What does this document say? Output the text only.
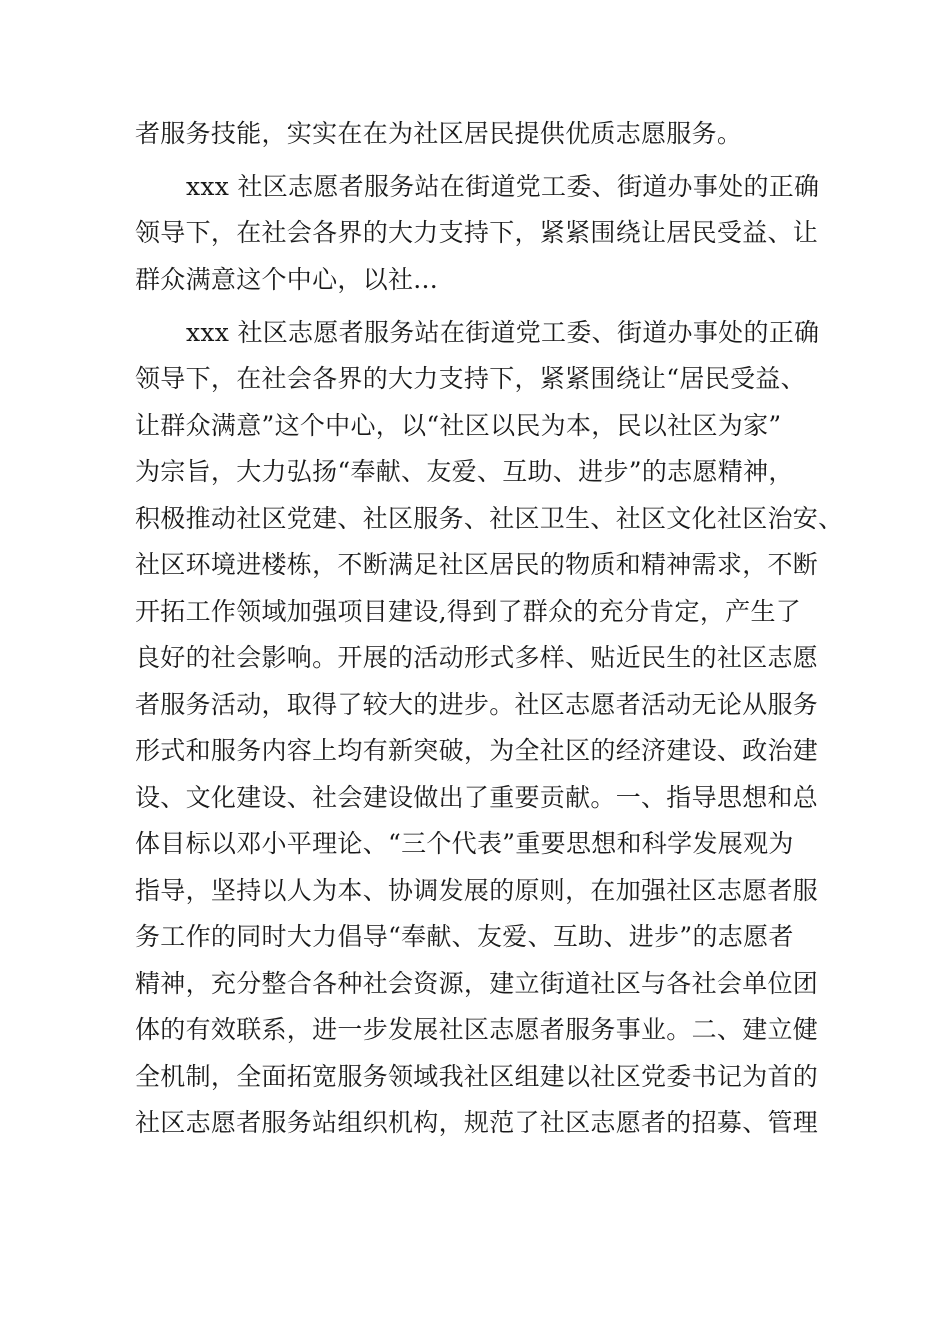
者服务技能，实实在在为社区居民提供优质志愿服务。

xxx 社区志愿者服务站在街道党工委、街道办事处的正确

领导下，在社会各界的大力支持下，紧紧围绕让居民受益、让

群众满意这个中心，以社...

xxx 社区志愿者服务站在街道党工委、街道办事处的正确

领导下，在社会各界的大力支持下，紧紧围绕让“居民受益、

让群众满意”这个中心，以“社区以民为本，民以社区为家”

为宗旨，大力弘扬“奉献、友爱、互助、进步”的志愿精神，

积极推动社区党建、社区服务、社区卫生、社区文化社区治安、

社区环境进楼栋，不断满足社区居民的物质和精神需求，不断

开拓工作领域加强项目建设,得到了群众的充分肯定，产生了

良好的社会影响。开展的活动形式多样、贴近民生的社区志愿

者服务活动，取得了较大的进步。社区志愿者活动无论从服务

形式和服务内容上均有新突破，为全社区的经济建设、政治建

设、文化建设、社会建设做出了重要贡献。一、指导思想和总

体目标以邓小平理论、“三个代表”重要思想和科学发展观为

指导，坚持以人为本、协调发展的原则，在加强社区志愿者服

务工作的同时大力倡导“奉献、友爱、互助、进步”的志愿者

精神，充分整合各种社会资源，建立街道社区与各社会单位团

体的有效联系，进一步发展社区志愿者服务事业。二、建立健

全机制，全面拓宽服务领域我社区组建以社区党委书记为首的

社区志愿者服务站组织机构，规范了社区志愿者的招募、管理
